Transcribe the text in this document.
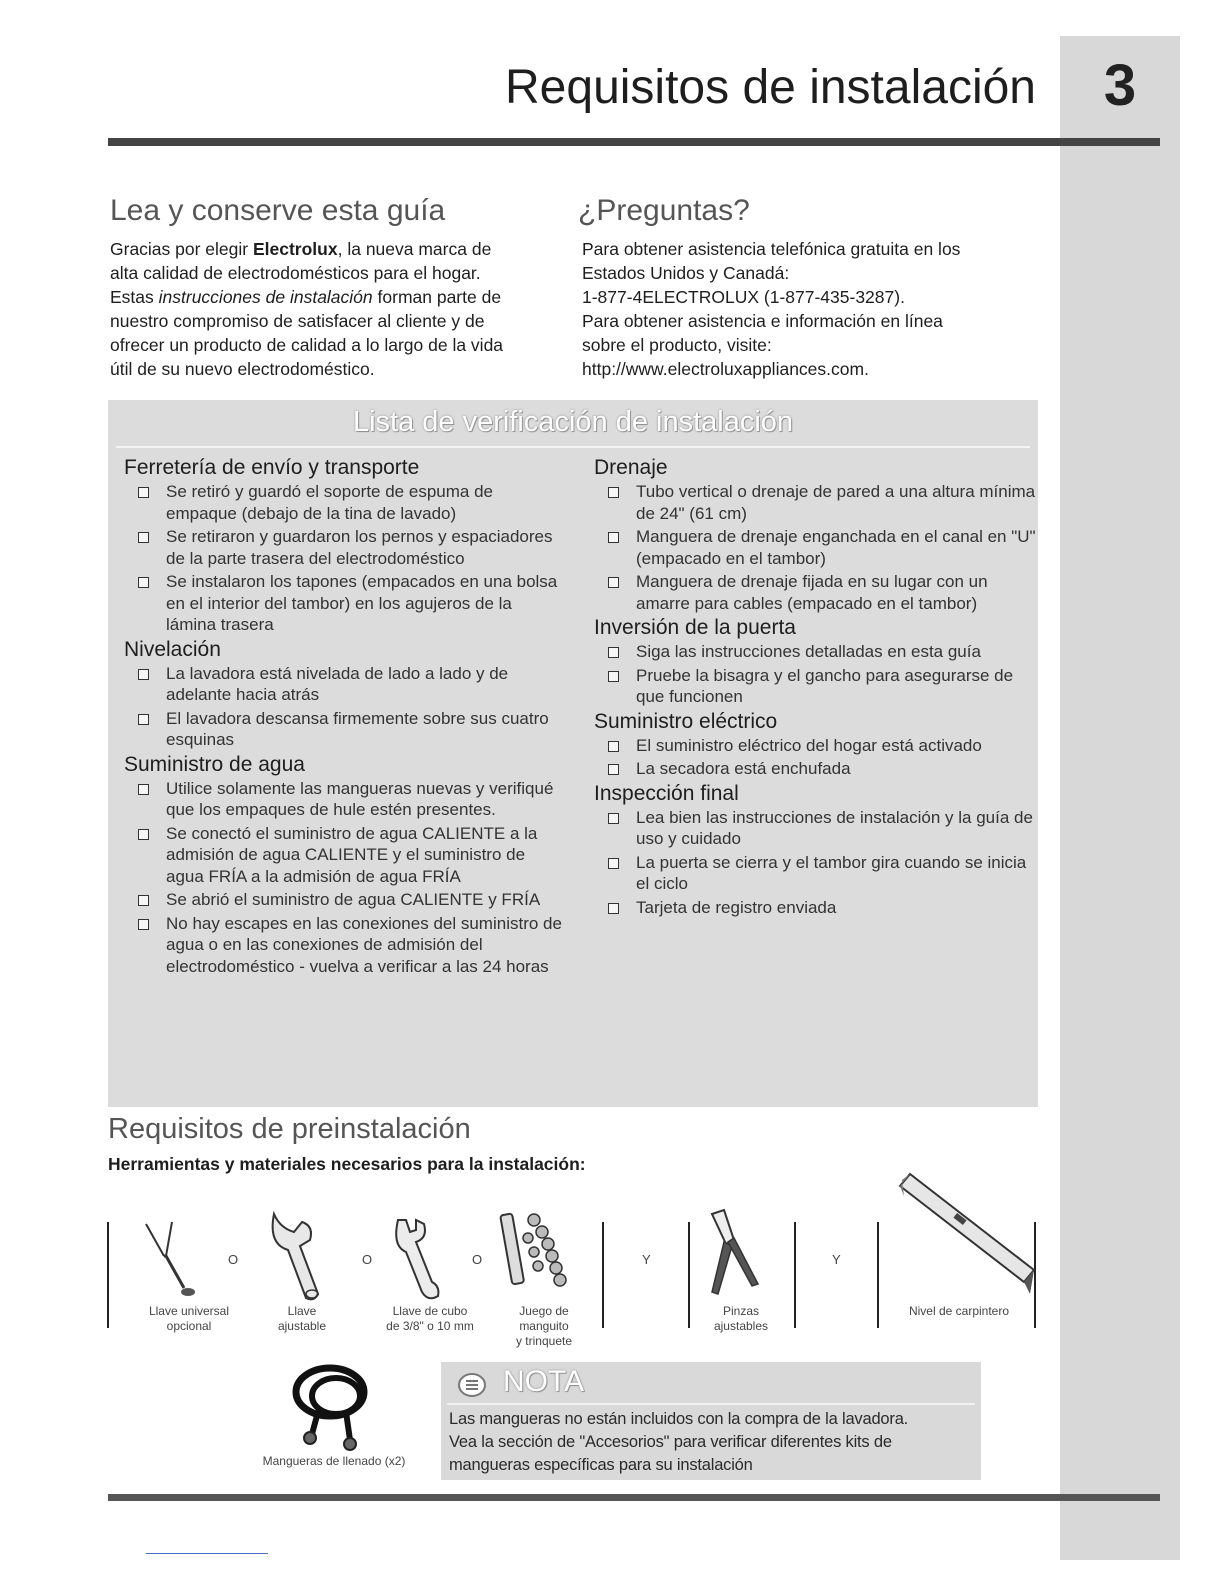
3
Requisitos de instalación
Lea y conserve esta guía

Gracias por elegir Electrolux, la nueva marca de

alta calidad de electrodomésticos para el hogar.

Estas instrucciones de instalación forman parte de

nuestro compromiso de satisfacer al cliente y de

ofrecer un producto de calidad a lo largo de la vida

útil de su nuevo electrodoméstico.

¿Preguntas?

Para obtener asistencia telefónica gratuita en los

Estados Unidos y Canadá:

1-877-4ELECTROLUX (1-877-435-3287).

Para obtener asistencia e información en línea

sobre el producto, visite:

http://www.electroluxappliances.com.

Lista de verificación de instalación
Ferretería de envío y transporte
Se retiró y guardó el soporte de espuma de empaque (debajo de la tina de lavado)
Se retiraron y guardaron los pernos y espaciadores de la parte trasera del electrodoméstico
Se instalaron los tapones (empacados en una bolsa en el interior del tambor) en los agujeros de la lámina trasera
Nivelación
La lavadora está nivelada de lado a lado y de adelante hacia atrás
El lavadora descansa firmemente sobre sus cuatro esquinas
Suministro de agua
Utilice solamente las mangueras nuevas y verifiqué que los empaques de hule estén presentes.
Se conectó el suministro de agua CALIENTE a la admisión de agua CALIENTE y el suministro de agua FRÍA a la admisión de agua FRÍA
Se abrió el suministro de agua CALIENTE y FRÍA
No hay escapes en las conexiones del suministro de agua o en las conexiones de admisión del electrodoméstico - vuelva a verificar a las 24 horas
Drenaje
Tubo vertical o drenaje de pared a una altura mínima de 24" (61 cm)
Manguera de drenaje enganchada en el canal en "U" (empacado en el tambor)
Manguera de drenaje fijada en su lugar con un amarre para cables (empacado en el tambor)
Inversión de la puerta
Siga las instrucciones detalladas en esta guía
Pruebe la bisagra y el gancho para asegurarse de que funcionen
Suministro eléctrico
El suministro eléctrico del hogar está activado
La secadora está enchufada
Inspección final
Lea bien las instrucciones de instalación y la guía de uso y cuidado
La puerta se cierra y el tambor gira cuando se inicia el ciclo
Tarjeta de registro enviada
Requisitos de preinstalación
Herramientas y materiales necesarios para la instalación:
O
Llave universal
opcional
O
Llave
ajustable
O
Llave de cubo
de 3/8" o 10 mm
Juego de
manguito
y trinquete
Y
Pinzas
ajustables
Y
Nivel de carpintero
Mangueras de llenado (x2)
NOTA
Las mangueras no están incluidos con la compra de la lavadora.
Vea la sección de "Accesorios" para verificar diferentes kits de
mangueras específicas para su instalación
